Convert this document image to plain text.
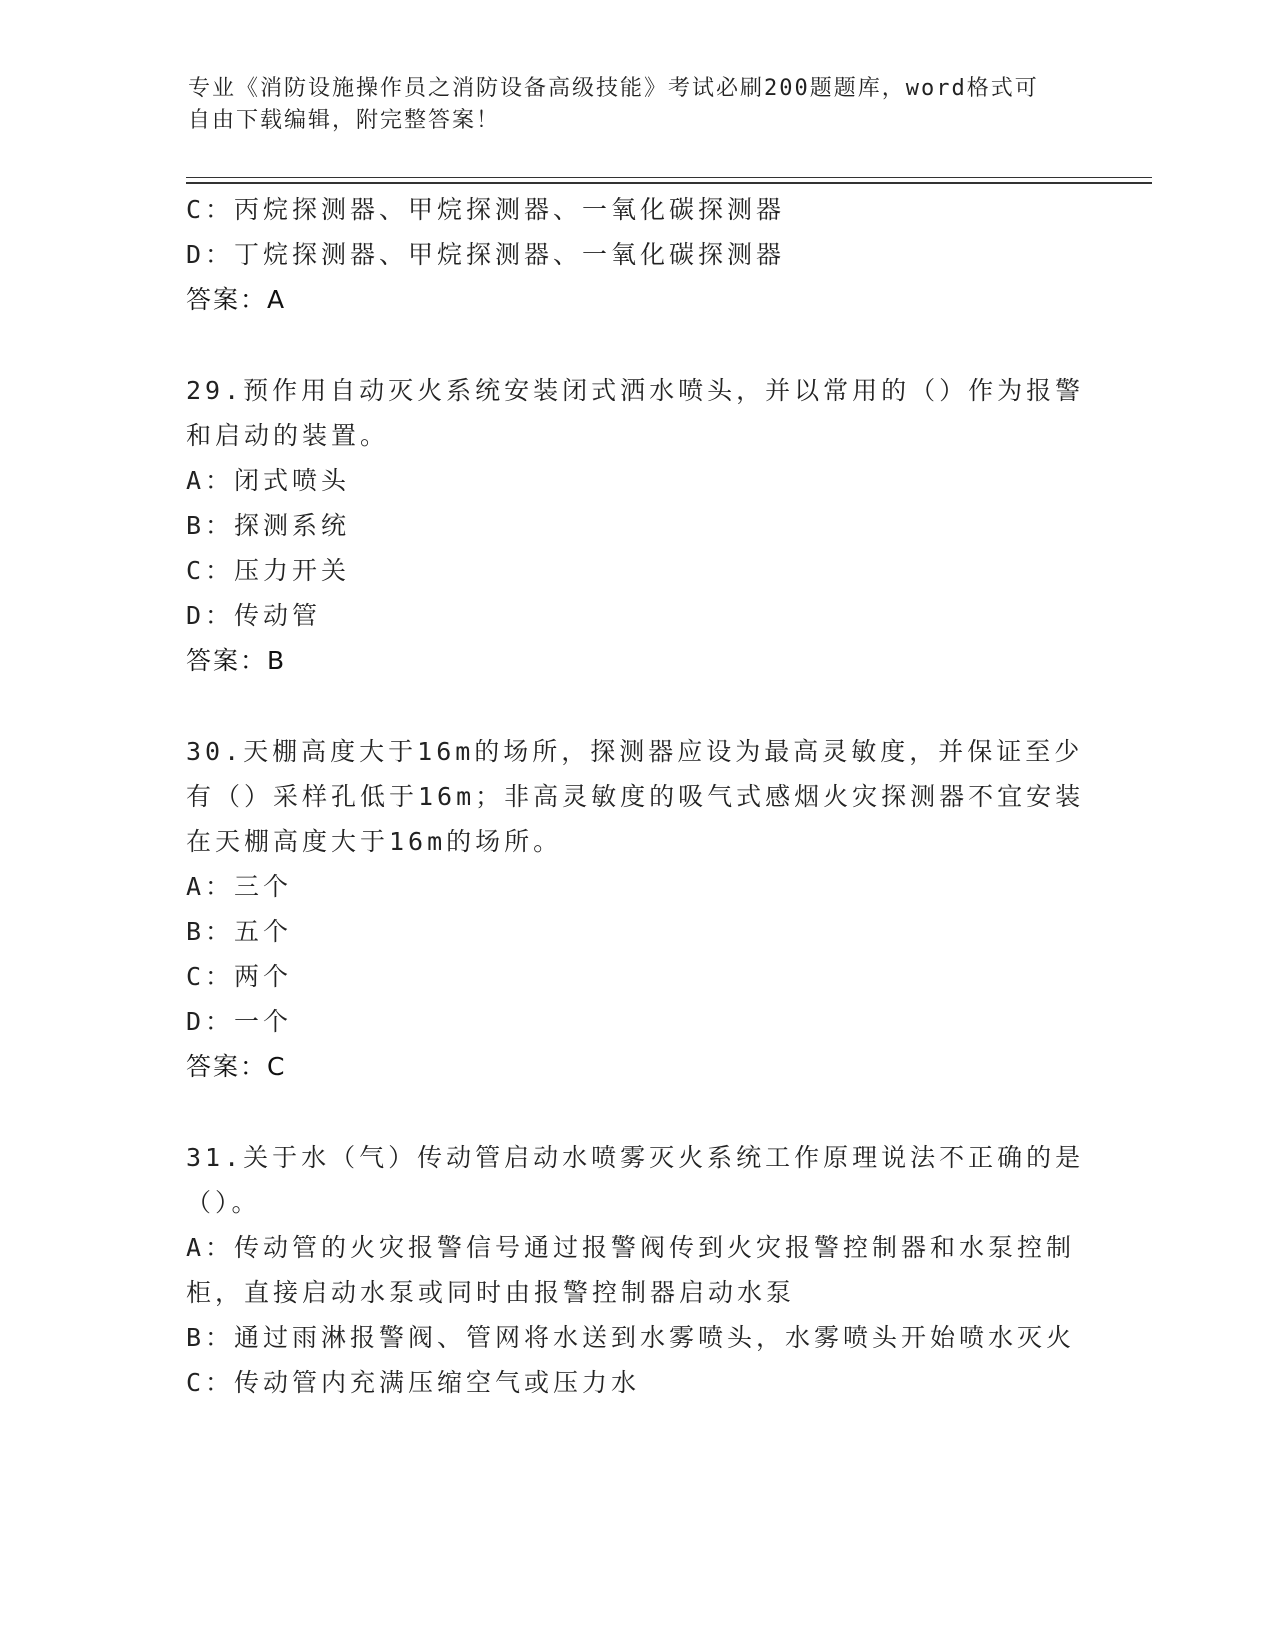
专业《消防设施操作员之消防设备高级技能》考试必刷200题题库，word格式可
自由下载编辑，附完整答案！
C：丙烷探测器、甲烷探测器、一氧化碳探测器
D：丁烷探测器、甲烷探测器、一氧化碳探测器
答案：A
29.预作用自动灭火系统安装闭式洒水喷头，并以常用的（）作为报警
和启动的装置。
A：闭式喷头
B：探测系统
C：压力开关
D：传动管
答案：B
30.天棚高度大于16m的场所，探测器应设为最高灵敏度，并保证至少
有（）采样孔低于16m；非高灵敏度的吸气式感烟火灾探测器不宜安装
在天棚高度大于16m的场所。
A：三个
B：五个
C：两个
D：一个
答案：C
31.关于水（气）传动管启动水喷雾灭火系统工作原理说法不正确的是
（）。
A：传动管的火灾报警信号通过报警阀传到火灾报警控制器和水泵控制
柜，直接启动水泵或同时由报警控制器启动水泵
B：通过雨淋报警阀、管网将水送到水雾喷头，水雾喷头开始喷水灭火
C：传动管内充满压缩空气或压力水
